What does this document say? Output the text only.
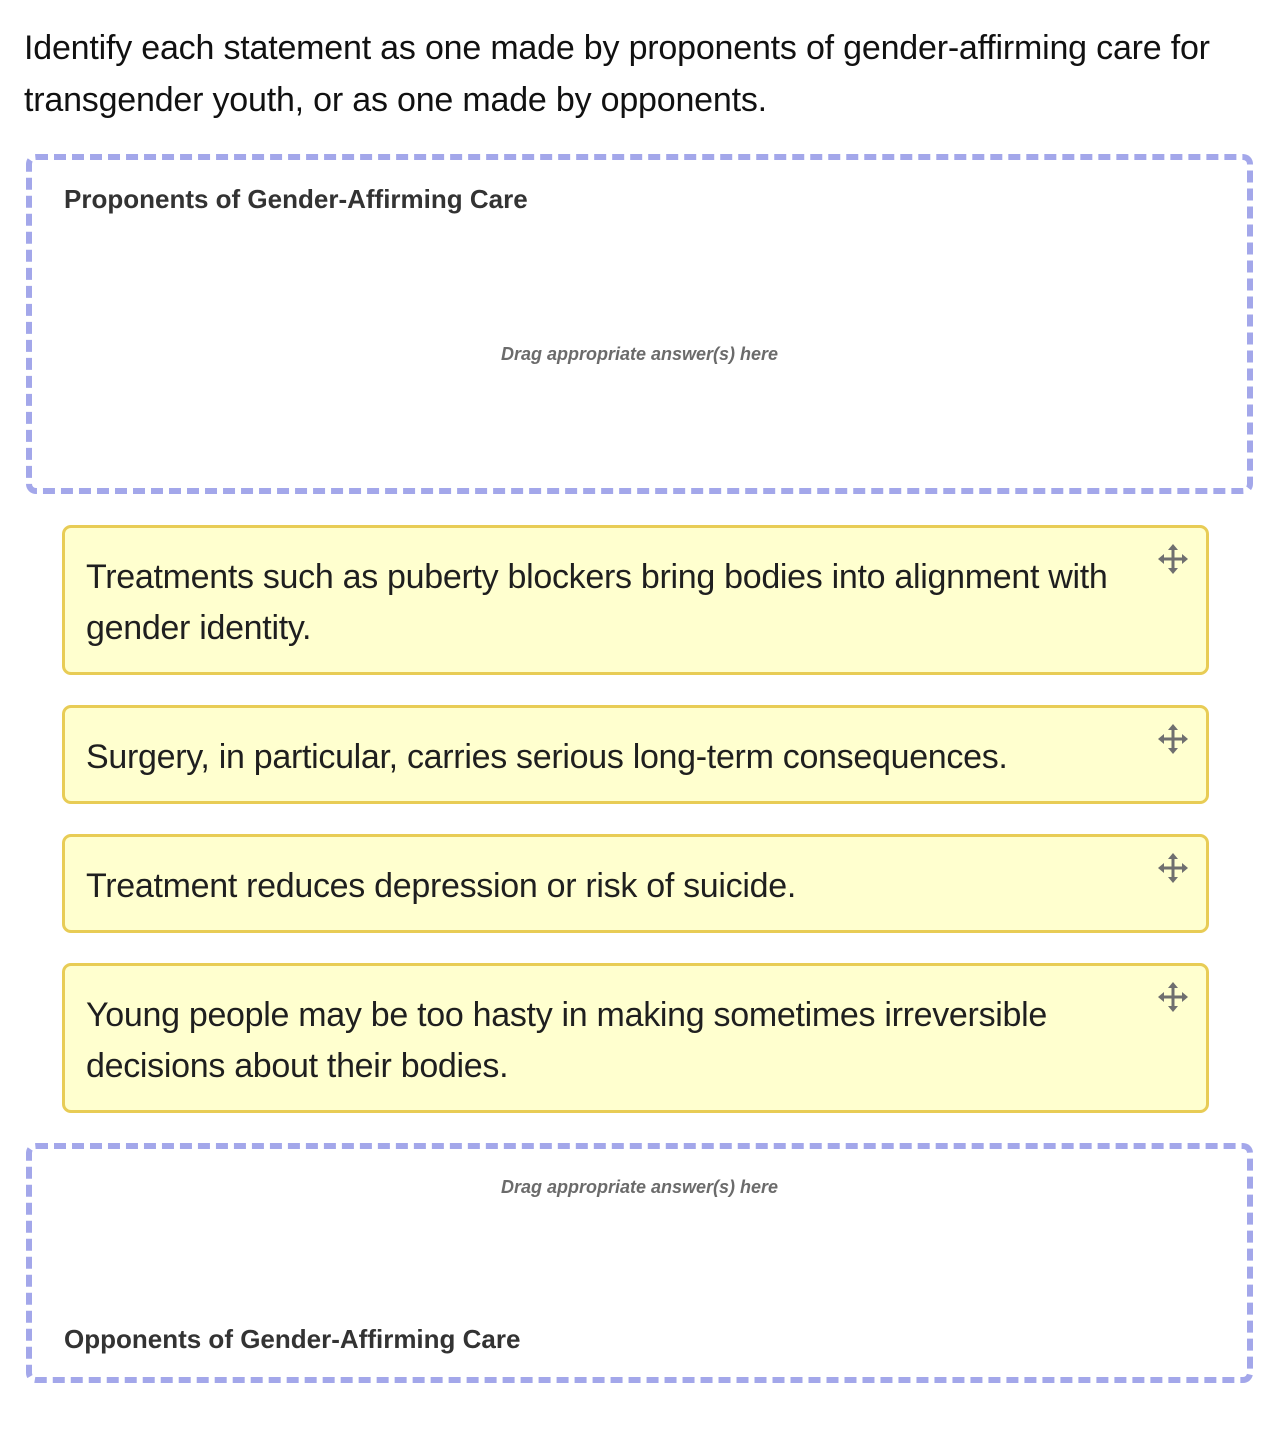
Identify each statement as one made by proponents of gender-affirming care for transgender youth, or as one made by opponents.
Proponents of Gender-Affirming Care
Drag appropriate answer(s) here
Treatments such as puberty blockers bring bodies into alignment with gender identity.
Surgery, in particular, carries serious long-term consequences.
Treatment reduces depression or risk of suicide.
Young people may be too hasty in making sometimes irreversible decisions about their bodies.
Drag appropriate answer(s) here
Opponents of Gender-Affirming Care
